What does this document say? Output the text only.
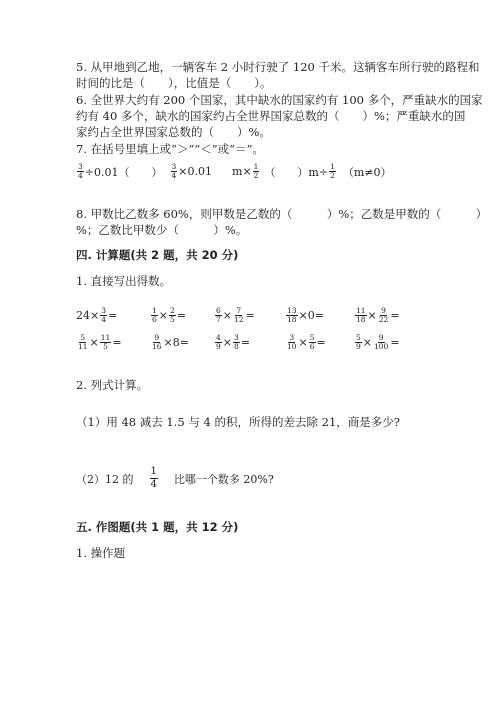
5. 从甲地到乙地，一辆客车 2 小时行驶了 120 千米。这辆客车所行驶的路程和
时间的比是（　　），比值是（　　）。
6. 全世界大约有 200 个国家，其中缺水的国家约有 100 多个，严重缺水的国家
约有 40 多个，缺水的国家约占全世界国家总数的（　　）%；严重缺水的国
家约占全世界国家总数的（　　）%。
7. 在括号里填上或“＞”“＜”或“＝”。
$\frac{3}{4} \div 0.01$（　　） $\frac{3}{4} \times 0.01$ $m\times \frac{1}{2}$ （　　）$m\div \frac{1}{2} (m\ne 0)$
8. 甲数比乙数多 60%，则甲数是乙数的（　　　）%；乙数是甲数的（　　　）
%；乙数比甲数少（　　　）%。
四. 计算题(共 2 题，共 20 分)
1. 直接写出得数。
$24\times \frac{3}{4}$ =	$\frac{1}{6} \times \frac{2}{5}$ =	$\frac{6}{7} \times \frac{7}{12}$ =	$\frac{13}{18} \times 0=$	$\frac{11}{18} \times \frac{9}{22}$ =
$\frac{5}{11} \times \frac{11}{5}$ =	$\frac{9}{16} \times 8=$	$\frac{4}{9} \times \frac{3}{8}$ =	$\frac{3}{10} \times \frac{5}{6}$ =	$\frac{5}{9} \times \frac{9}{100}$ =
2. 列式计算。
（1）用 48 减去 1.5 与 4 的积，所得的差去除 21，商是多少?
（2）12 的 $\frac{1}{4}$ 比哪一个数多 20%?
五. 作图题(共 1 题，共 12 分)
1. 操作题
